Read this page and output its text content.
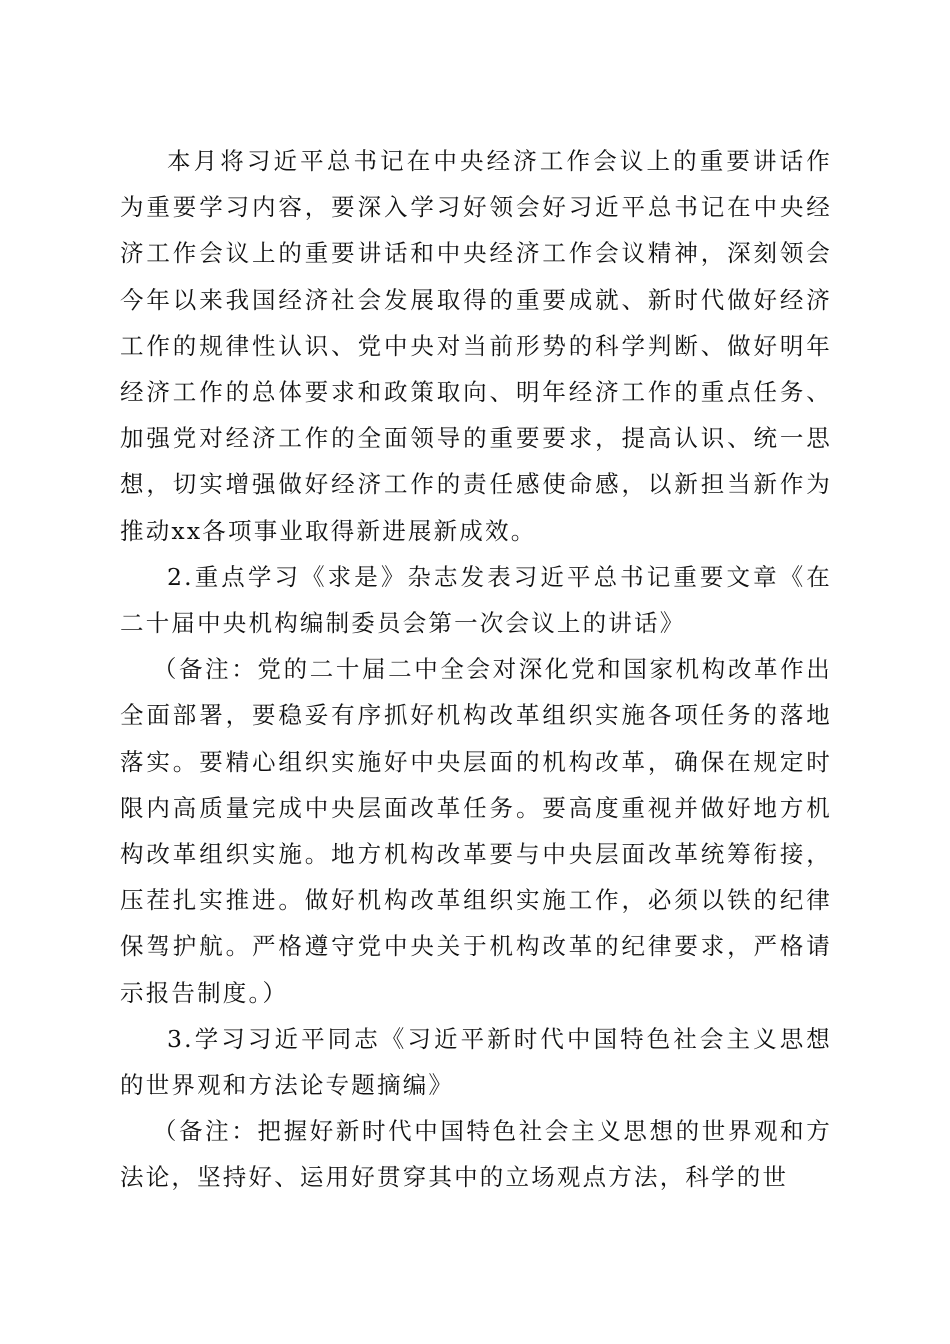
本月将习近平总书记在中央经济工作会议上的重要讲话作为重要学习内容，要深入学习好领会好习近平总书记在中央经济工作会议上的重要讲话和中央经济工作会议精神，深刻领会今年以来我国经济社会发展取得的重要成就、新时代做好经济工作的规律性认识、党中央对当前形势的科学判断、做好明年经济工作的总体要求和政策取向、明年经济工作的重点任务、加强党对经济工作的全面领导的重要要求，提高认识、统一思想，切实增强做好经济工作的责任感使命感，以新担当新作为推动xx各项事业取得新进展新成效。

2.重点学习《求是》杂志发表习近平总书记重要文章《在二十届中央机构编制委员会第一次会议上的讲话》

（备注：党的二十届二中全会对深化党和国家机构改革作出全面部署，要稳妥有序抓好机构改革组织实施各项任务的落地落实。要精心组织实施好中央层面的机构改革，确保在规定时限内高质量完成中央层面改革任务。要高度重视并做好地方机构改革组织实施。地方机构改革要与中央层面改革统筹衔接，压茬扎实推进。做好机构改革组织实施工作，必须以铁的纪律保驾护航。严格遵守党中央关于机构改革的纪律要求，严格请示报告制度。）

3.学习习近平同志《习近平新时代中国特色社会主义思想的世界观和方法论专题摘编》

（备注：把握好新时代中国特色社会主义思想的世界观和方法论，坚持好、运用好贯穿其中的立场观点方法，科学的世
